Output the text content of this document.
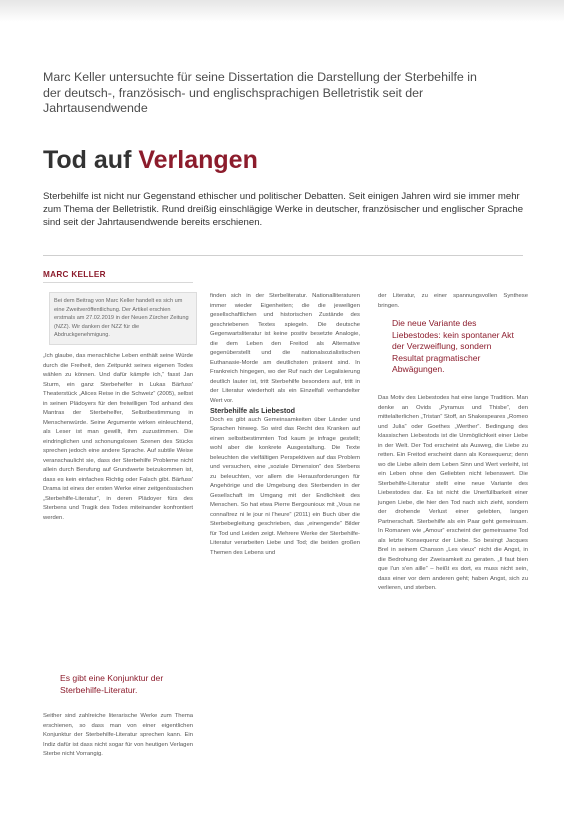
Marc Keller untersuchte für seine Dissertation die Darstellung der Sterbehilfe in der deutsch-, französisch- und englischsprachigen Belletristik seit der Jahrtausendwende
Tod auf Verlangen
Sterbehilfe ist nicht nur Gegenstand ethischer und politischer Debatten. Seit einigen Jahren wird sie immer mehr zum Thema der Belletristik. Rund dreißig einschlägige Werke in deutscher, französischer und englischer Sprache sind seit der Jahrtausendwende bereits erschienen.
MARC KELLER
Bei dem Beitrag von Marc Keller handelt es sich um eine Zweitveröffentlichung. Der Artikel erschien erstmals am 27.02.2019 in der Neuen Zürcher Zeitung (NZZ). Wir danken der NZZ für die Abdruckgenehmigung.

„Ich glaube, das menschliche Leben enthält seine Würde durch die Freiheit, den Zeitpunkt seines eigenen Todes wählen zu können. Und dafür kämpfe ich,“ fasst Jan Sturm, ein ganz Sterbehelfer in Lukas Bärfuss' Theaterstück „Alices Reise in die Schweiz“ (2005), selbst in seinen Plädoyers für den freiwilligen Tod anhand des Mantras der Sterbehelfer, Selbstbestimmung in Menschenwürde. Seine Argumente wirken einleuchtend, als Leser ist man gewillt, ihm zuzustimmen. Die eindringlichen und schonungslosen Szenen des Stücks sprechen jedoch eine andere Sprache. Auf subtile Weise veranschaulicht sie, dass der Sterbehilfe Probleme nicht allein durch Berufung auf Grundwerte beizukommen ist, dass es kein einfaches Richtig oder Falsch gibt. Bärfuss' Drama ist eines der ersten Werke einer zeitgenössischen „Sterbehilfe-Literatur“, in deren Plädoyer fürs des Sterbens und Tragik des Todes miteinander konfrontiert werden.

Es gibt eine Konjunktur der Sterbehilfe-Literatur.

Seither sind zahlreiche literarische Werke zum Thema erschienen, so dass man von einer eigentlichen Konjunktur der Sterbehilfe-Literatur sprechen kann. Ein Indiz dafür ist dass nicht sogar für von heutigen Verlagen Sterbe nicht Vorrangig.

finden sich in der Sterbeliteratur. Nationalliteraturen immer wieder Eigenheiten; die die jeweiligen gesellschaftlichen und historischen Zustände des geschriebenen Textes spiegeln. Die deutsche Gegenwartsliteratur ist keine positiv besetzte Analogie, die dem Leben den Freitod als Alternative gegenüberstellt und die nationalsozialistischen Euthanasie-Morde am deutlichsten präsent sind. In Frankreich hingegen, wo der Ruf nach der Legalisierung deutlich lauter ist, tritt Sterbehilfe besonders auf, tritt in der Literatur wiederholt als ein Einzelfall verhandelter Wert vor.

Sterbehilfe als Liebestod

Doch es gibt auch Gemeinsamkeiten über Länder und Sprachen hinweg. So wird das Recht des Kranken auf einen selbstbestimmten Tod kaum je infrage gestellt; wohl aber die konkrete Ausgestaltung. Die Texte beleuchten die vielfältigen Perspektiven auf das Problem und versuchen, eine „soziale Dimension“ des Sterbens zu beleuchten, vor allem die Herausforderungen für Angehörige und die Umgebung des Sterbenden in der Gesellschaft im Umgang mit der Endlichkeit des Menschen. So hat etwa Pierre Bergounioux mit „Vous ne connaîtrez ni le jour ni l'heure“ (2011) ein Buch über die Sterbebegleitung geschrieben, das „einengende“ Bilder für Tod und Leiden zeigt. Mehrere Werke der Sterbehilfe-Literatur verarbeiten Liebe und Tod; die beiden großen Themen des Lebens und

der Literatur, zu einer spannungsvollen Synthese bringen.

Die neue Variante des Liebestodes: kein spontaner Akt der Verzweiflung, sondern Resultat pragmatischer Abwägungen.

Das Motiv des Liebestodes hat eine lange Tradition. Man denke an Ovids „Pyramus und Thisbe“, den mittelalterlichen „Tristan“ Stoff, an Shakespeares „Romeo und Julia“ oder Goethes „Werther“. Bedingung des klassischen Liebestods ist die Unmöglichkeit einer Liebe in der Welt. Der Tod erscheint als Ausweg, die Liebe zu retten. Ein Freitod erscheint dann als Konsequenz; denn wo die Liebe allein dem Leben Sinn und Wert verleiht, ist ein Leben ohne den Geliebten nicht lebenswert. Die Sterbehilfe-Literatur stellt eine neue Variante des Liebestodes dar. Es ist nicht die Unerfüllbarkeit einer jungen Liebe, die hier den Tod nach sich zieht, sondern der drohende Verlust einer gelebten, langen Partnerschaft. Sterbehilfe als ein Paar geht gemeinsam. In Romanen wie „Amour“ erscheint der gemeinsame Tod als letzte Konsequenz der Liebe. So besingt Jacques Brel in seinem Chanson „Les vieux“ nicht die Angst, in die Bedrohung der Zweisamkeit zu geraten. „Il faut bien que l'un s'en aille“ – heißt es dort, es muss nicht sein, dass einer vor dem anderen geht; haben Angst, sich zu verlieren, und sterben.
